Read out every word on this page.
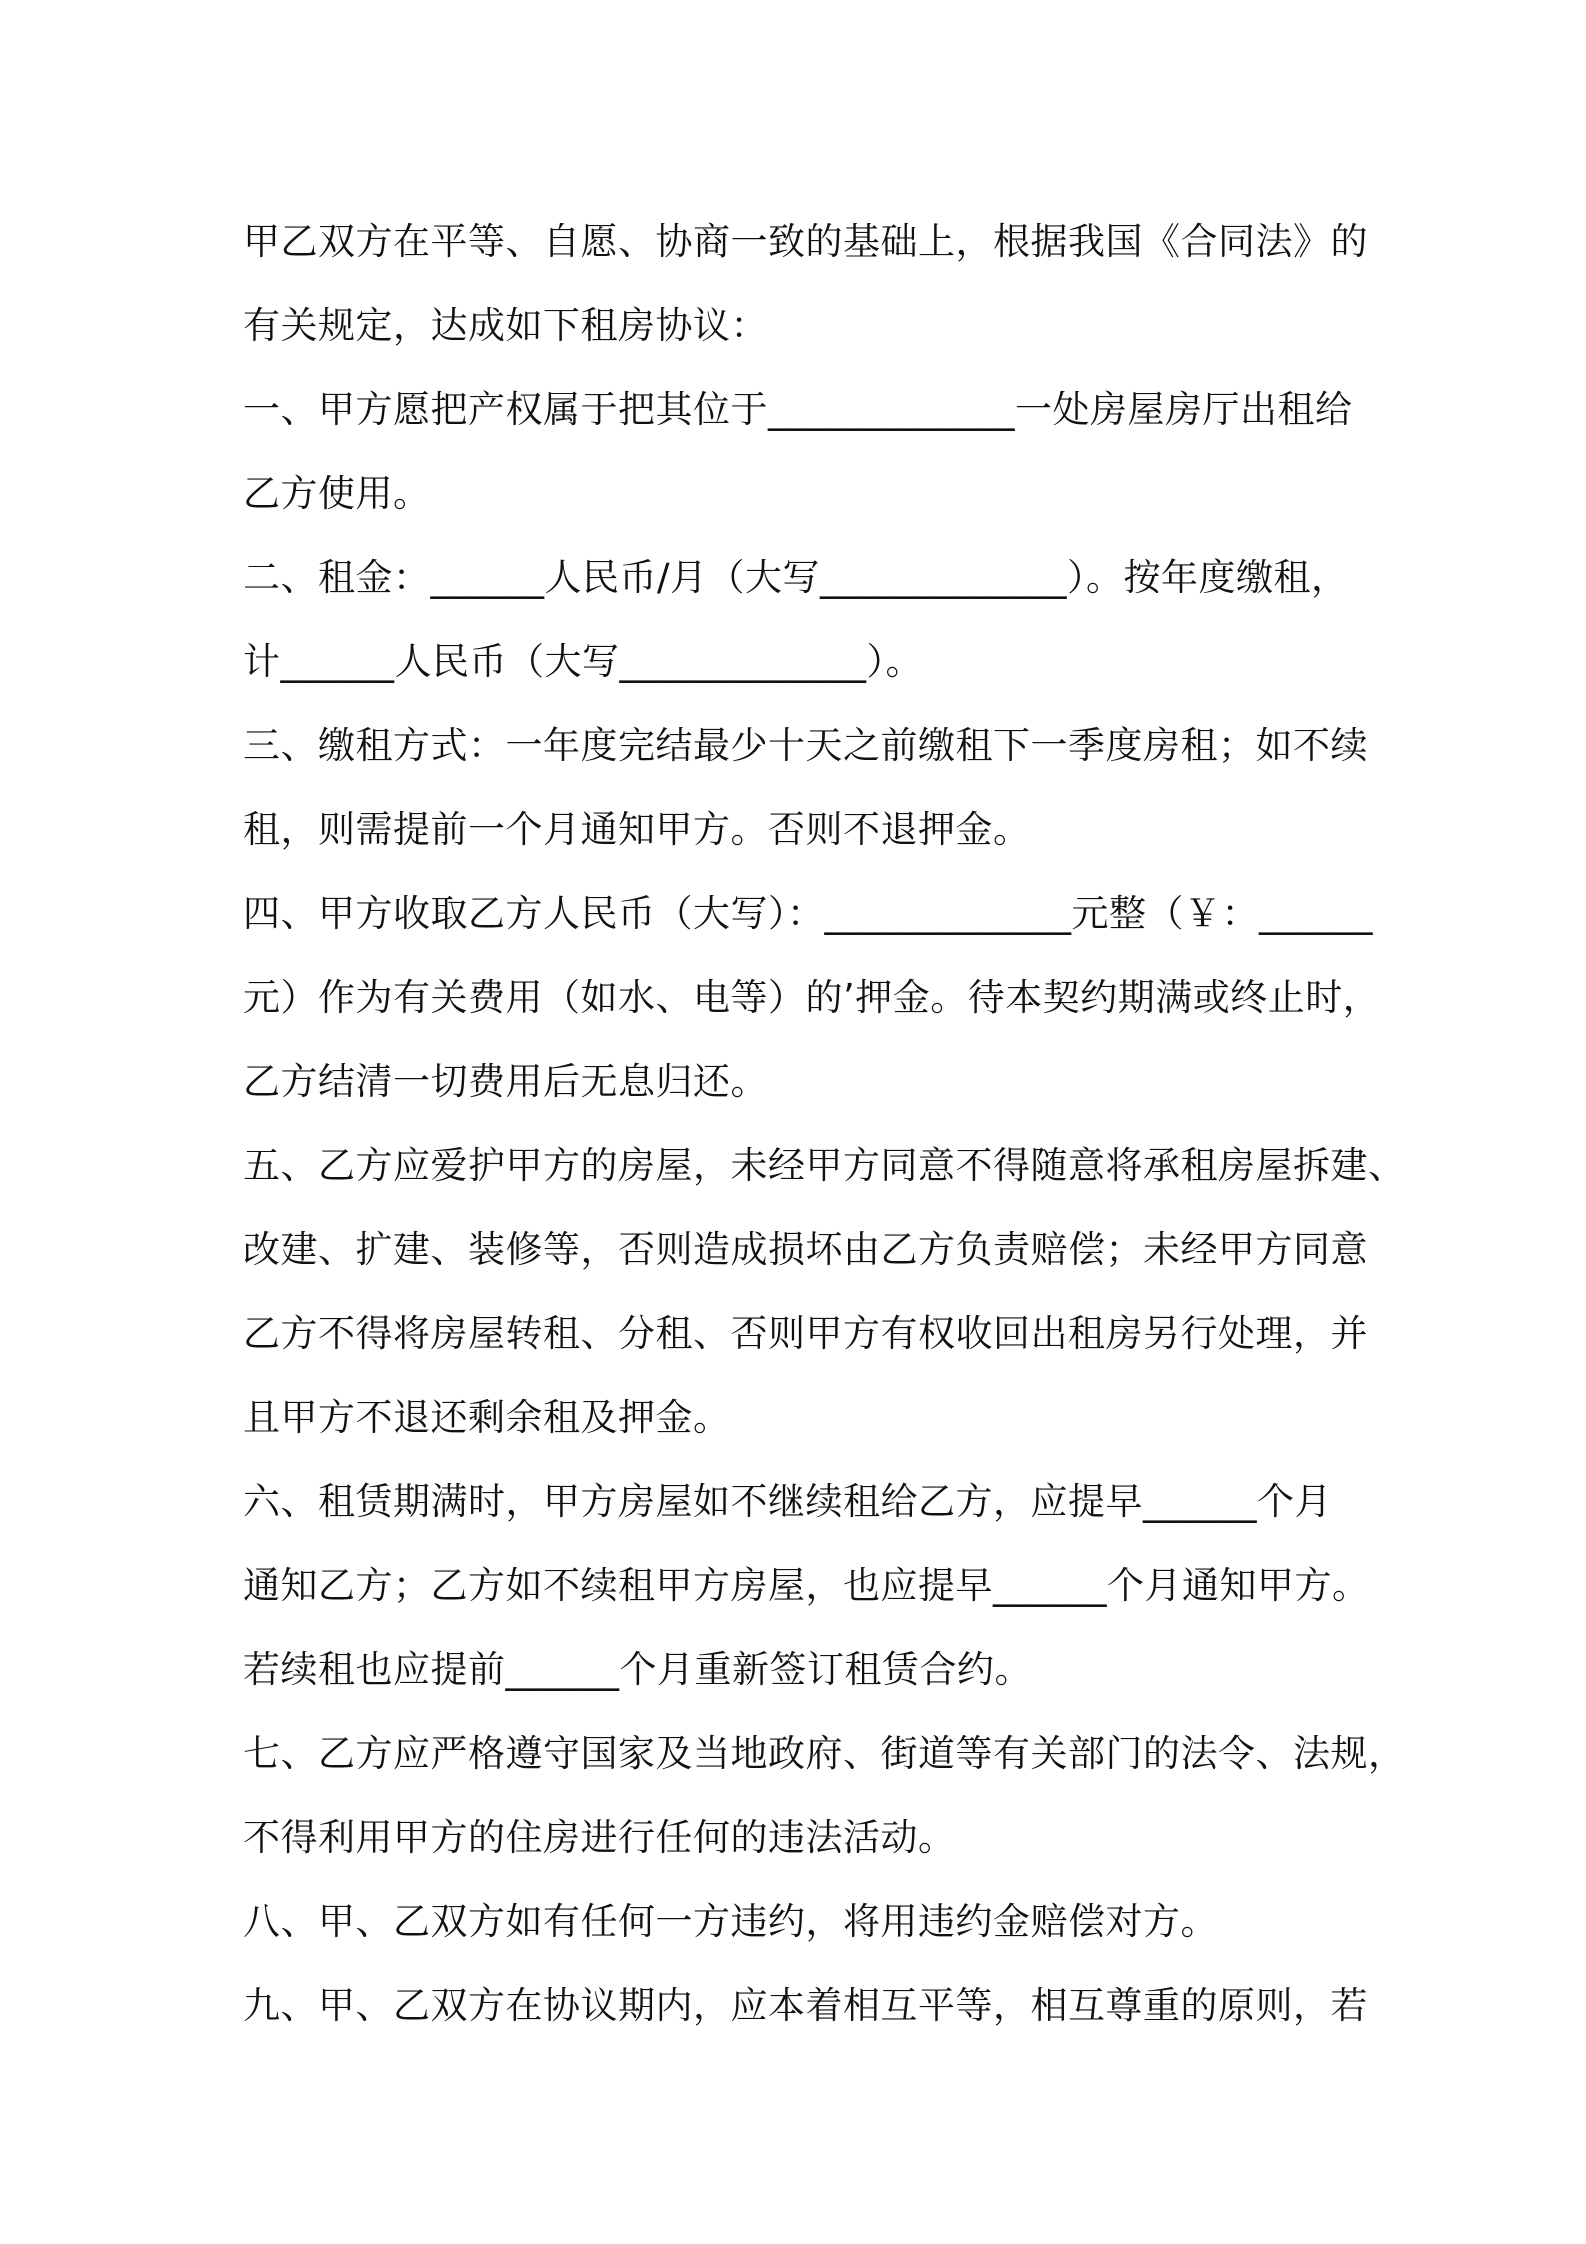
甲乙双方在平等、自愿、协商一致的基础上，根据我国《合同法》的
有关规定，达成如下租房协议：
一、甲方愿把产权属于把其位于_____________一处房屋房厅出租给
乙方使用。
二、租金：______人民币/月（大写_____________）。按年度缴租，
计______人民币（大写_____________）。
三、缴租方式：一年度完结最少十天之前缴租下一季度房租；如不续
租，则需提前一个月通知甲方。否则不退押金。
四、甲方收取乙方人民币（大写）：_____________元整（￥：______
元）作为有关费用（如水、电等）的’押金。待本契约期满或终止时，
乙方结清一切费用后无息归还。
五、乙方应爱护甲方的房屋，未经甲方同意不得随意将承租房屋拆建、
改建、扩建、装修等，否则造成损坏由乙方负责赔偿；未经甲方同意
乙方不得将房屋转租、分租、否则甲方有权收回出租房另行处理，并
且甲方不退还剩余租及押金。
六、租赁期满时，甲方房屋如不继续租给乙方，应提早______个月
通知乙方；乙方如不续租甲方房屋，也应提早______个月通知甲方。
若续租也应提前______个月重新签订租赁合约。
七、乙方应严格遵守国家及当地政府、街道等有关部门的法令、法规，
不得利用甲方的住房进行任何的违法活动。
八、甲、乙双方如有任何一方违约，将用违约金赔偿对方。
九、甲、乙双方在协议期内，应本着相互平等，相互尊重的原则，若
